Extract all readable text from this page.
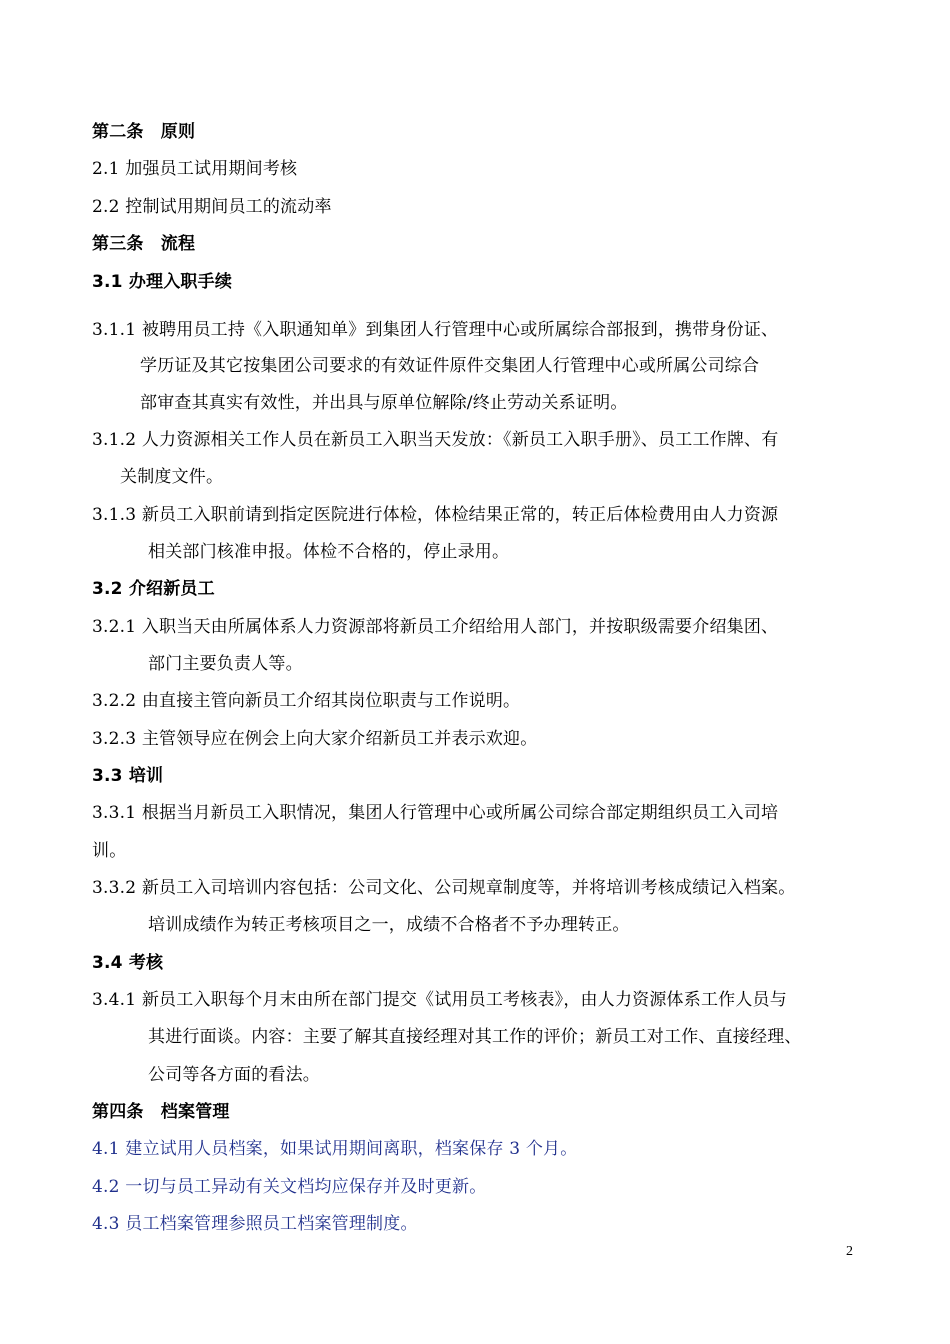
第二条　原则
2.1 加强员工试用期间考核
2.2 控制试用期间员工的流动率
第三条　流程
3.1 办理入职手续
3.1.1 被聘用员工持《入职通知单》到集团人行管理中心或所属综合部报到，携带身份证、
学历证及其它按集团公司要求的有效证件原件交集团人行管理中心或所属公司综合
部审查其真实有效性，并出具与原单位解除/终止劳动关系证明。
3.1.2 人力资源相关工作人员在新员工入职当天发放：《新员工入职手册》、员工工作牌、有
关制度文件。
3.1.3 新员工入职前请到指定医院进行体检，体检结果正常的，转正后体检费用由人力资源
相关部门核准申报。体检不合格的，停止录用。
3.2 介绍新员工
3.2.1 入职当天由所属体系人力资源部将新员工介绍给用人部门，并按职级需要介绍集团、
部门主要负责人等。
3.2.2 由直接主管向新员工介绍其岗位职责与工作说明。
3.2.3 主管领导应在例会上向大家介绍新员工并表示欢迎。
3.3 培训
3.3.1 根据当月新员工入职情况，集团人行管理中心或所属公司综合部定期组织员工入司培
训。
3.3.2 新员工入司培训内容包括：公司文化、公司规章制度等，并将培训考核成绩记入档案。
培训成绩作为转正考核项目之一，成绩不合格者不予办理转正。
3.4 考核
3.4.1 新员工入职每个月末由所在部门提交《试用员工考核表》，由人力资源体系工作人员与
其进行面谈。内容：主要了解其直接经理对其工作的评价；新员工对工作、直接经理、
公司等各方面的看法。
第四条　档案管理
4.1 建立试用人员档案，如果试用期间离职，档案保存 3 个月。
4.2 一切与员工异动有关文档均应保存并及时更新。
4.3 员工档案管理参照员工档案管理制度。
2
